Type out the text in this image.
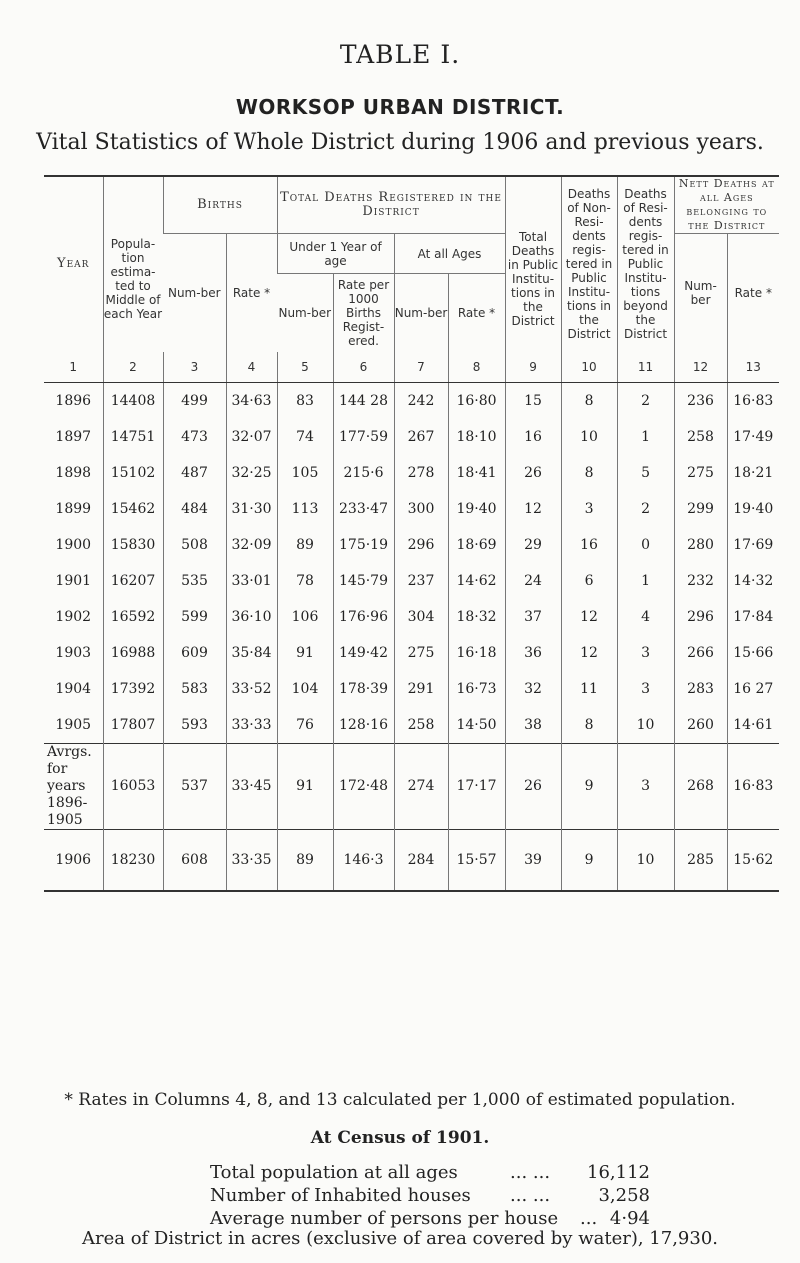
TABLE I.
WORKSOP URBAN DISTRICT.
Vital Statistics of Whole District during 1906 and previous years.
Year	Popula-tion estima-ted to Middle of each Year	Births		Total Deaths Registered in the District				Total Deaths in Public Institu-tions in the District	Deaths of Non-Resi-dents regis-tered in Public Institu-tions in the District	Deaths of Resi-dents regis-tered in Public Institu-tions beyond the District	Nett Deaths at all Ages belonging to the District	
		Num-ber	Rate *	Under 1 Year of age		At all Ages					Num-ber	Rate *
				Num-ber	Rate per 1000 Births Regist-ered.	Num-ber	Rate *					
1	2	3	4	5	6	7	8	9	10	11	12	13
1896	14408	499	34·63	83	144 28	242	16·80	15	8	2	236	16·83
1897	14751	473	32·07	74	177·59	267	18·10	16	10	1	258	17·49
1898	15102	487	32·25	105	215·6	278	18·41	26	8	5	275	18·21
1899	15462	484	31·30	113	233·47	300	19·40	12	3	2	299	19·40
1900	15830	508	32·09	89	175·19	296	18·69	29	16	0	280	17·69
1901	16207	535	33·01	78	145·79	237	14·62	24	6	1	232	14·32
1902	16592	599	36·10	106	176·96	304	18·32	37	12	4	296	17·84
1903	16988	609	35·84	91	149·42	275	16·18	36	12	3	266	15·66
1904	17392	583	33·52	104	178·39	291	16·73	32	11	3	283	16 27
1905	17807	593	33·33	76	128·16	258	14·50	38	8	10	260	14·61
Avrgs. for years 1896-1905	16053	537	33·45	91	172·48	274	17·17	26	9	3	268	16·83
1906	18230	608	33·35	89	146·3	284	15·57	39	9	10	285	15·62
* Rates in Columns 4, 8, and 13 calculated per 1,000 of estimated population.
At Census of 1901.
Total population at all ages	... ... 16,112
Number of Inhabited houses ... ...	3,258
Average number of persons per house ... 4·94
Area of District in acres (exclusive of area covered by water), 17,930.
